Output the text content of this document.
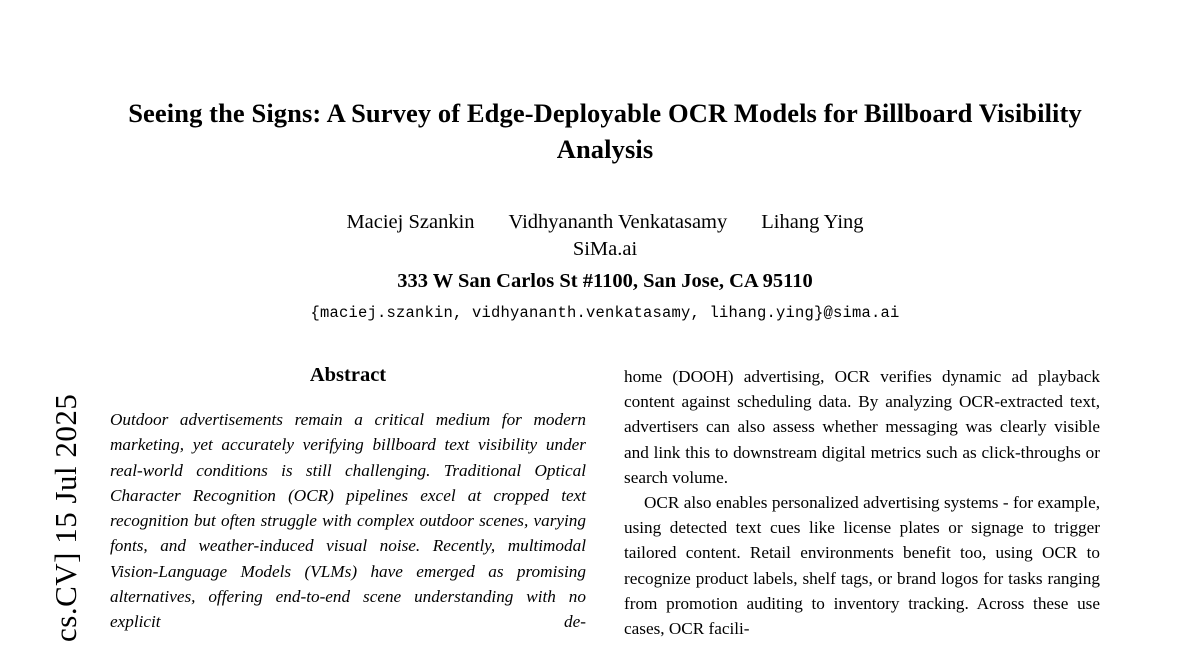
cs.CV] 15 Jul 2025
Seeing the Signs: A Survey of Edge-Deployable OCR Models for Billboard Visibility Analysis
Maciej Szankin Vidhyananth Venkatasamy Lihang Ying
SiMa.ai
333 W San Carlos St #1100, San Jose, CA 95110
{maciej.szankin, vidhyananth.venkatasamy, lihang.ying}@sima.ai
Abstract
Outdoor advertisements remain a critical medium for modern marketing, yet accurately verifying billboard text visibility under real-world conditions is still challenging. Traditional Optical Character Recognition (OCR) pipelines excel at cropped text recognition but often struggle with complex outdoor scenes, varying fonts, and weather-induced visual noise. Recently, multimodal Vision-Language Models (VLMs) have emerged as promising alternatives, offering end-to-end scene understanding with no explicit de-

home (DOOH) advertising, OCR verifies dynamic ad playback content against scheduling data. By analyzing OCR-extracted text, advertisers can also assess whether messaging was clearly visible and link this to downstream digital metrics such as click-throughs or search volume.

OCR also enables personalized advertising systems - for example, using detected text cues like license plates or signage to trigger tailored content. Retail environments benefit too, using OCR to recognize product labels, shelf tags, or brand logos for tasks ranging from promotion auditing to inventory tracking. Across these use cases, OCR facili-
